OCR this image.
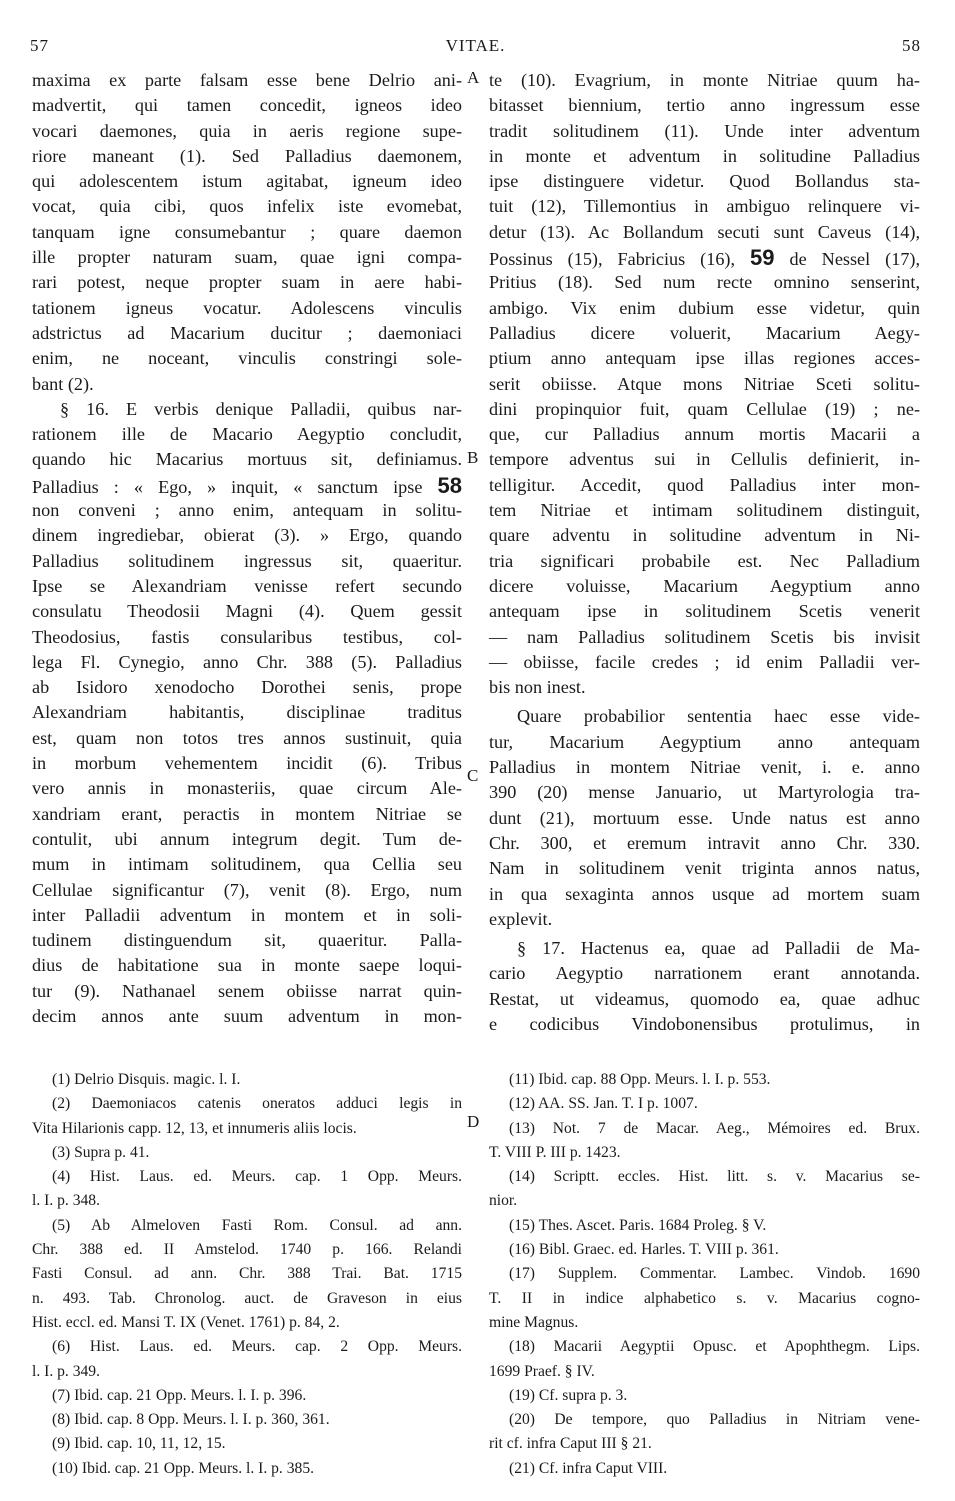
57	VITAE.	58
maxima ex parte falsam esse bene Delrio ani-
madvertit, qui tamen concedit, igneos ideo
vocari daemones, quia in aeris regione supe-
riore maneant (1). Sed Palladius daemonem,
qui adolescentem istum agitabat, igneum ideo
vocat, quia cibi, quos infelix iste evomebat,
tanquam igne consumebantur ; quare daemon
ille propter naturam suam, quae igni compa-
rari potest, neque propter suam in aere habi-
tationem igneus vocatur. Adolescens vinculis
adstrictus ad Macarium ducitur ; daemoniaci
enim, ne noceant, vinculis constringi sole-
bant (2).
§ 16. E verbis denique Palladii, quibus nar-
rationem ille de Macario Aegyptio concludit,
quando hic Macarius mortuus sit, definiamus.
Palladius : « Ego, » inquit, « sanctum ipse 58
non conveni ; anno enim, antequam in solitu-
dinem ingrediebar, obierat (3). » Ergo, quando
Palladius solitudinem ingressus sit, quaeritur.
Ipse se Alexandriam venisse refert secundo
consulatu Theodosii Magni (4). Quem gessit
Theodosius, fastis consularibus testibus, col-
lega Fl. Cynegio, anno Chr. 388 (5). Palladius
ab Isidoro xenodocho Dorothei senis, prope
Alexandriam habitantis, disciplinae traditus
est, quam non totos tres annos sustinuit, quia
in morbum vehementem incidit (6). Tribus
vero annis in monasteriis, quae circum Ale-
xandriam erant, peractis in montem Nitriae se
contulit, ubi annum integrum degit. Tum de-
mum in intimam solitudinem, qua Cellia seu
Cellulae significantur (7), venit (8). Ergo, num
inter Palladii adventum in montem et in soli-
tudinem distinguendum sit, quaeritur. Palla-
dius de habitatione sua in monte saepe loqui-
tur (9). Nathanael senem obiisse narrat quin-
decim annos ante suum adventum in mon-
A
B
C
D
te (10). Evagrium, in monte Nitriae quum ha-
bitasset biennium, tertio anno ingressum esse
tradit solitudinem (11). Unde inter adventum
in monte et adventum in solitudine Palladius
ipse distinguere videtur. Quod Bollandus sta-
tuit (12), Tillemontius in ambiguo relinquere vi-
detur (13). Ac Bollandum secuti sunt Caveus (14),
Possinus (15), Fabricius (16), 59 de Nessel (17),
Pritius (18). Sed num recte omnino senserint,
ambigo. Vix enim dubium esse videtur, quin
Palladius dicere voluerit, Macarium Aegy-
ptium anno antequam ipse illas regiones acces-
serit obiisse. Atque mons Nitriae Sceti solitu-
dini propinquior fuit, quam Cellulae (19) ; ne-
que, cur Palladius annum mortis Macarii a
tempore adventus sui in Cellulis definierit, in-
telligitur. Accedit, quod Palladius inter mon-
tem Nitriae et intimam solitudinem distinguit,
quare adventu in solitudine adventum in Ni-
tria significari probabile est. Nec Palladium
dicere voluisse, Macarium Aegyptium anno
antequam ipse in solitudinem Scetis venerit
— nam Palladius solitudinem Scetis bis invisit
— obiisse, facile credes ; id enim Palladii ver-
bis non inest.
Quare probabilior sententia haec esse vide-
tur, Macarium Aegyptium anno antequam
Palladius in montem Nitriae venit, i. e. anno
390 (20) mense Januario, ut Martyrologia tra-
dunt (21), mortuum esse. Unde natus est anno
Chr. 300, et eremum intravit anno Chr. 330.
Nam in solitudinem venit triginta annos natus,
in qua sexaginta annos usque ad mortem suam
explevit.
§ 17. Hactenus ea, quae ad Palladii de Ma-
cario Aegyptio narrationem erant annotanda.
Restat, ut videamus, quomodo ea, quae adhuc
e codicibus Vindobonensibus protulimus, in
(1) Delrio Disquis. magic. l. I.
(2) Daemoniacos catenis oneratos adduci legis in
Vita Hilarionis capp. 12, 13, et innumeris aliis locis.
(3) Supra p. 41.
(4) Hist. Laus. ed. Meurs. cap. 1 Opp. Meurs.
l. I. p. 348.
(5) Ab Almeloven Fasti Rom. Consul. ad ann.
Chr. 388 ed. II Amstelod. 1740 p. 166. Relandi
Fasti Consul. ad ann. Chr. 388 Trai. Bat. 1715
n. 493. Tab. Chronolog. auct. de Graveson in eius
Hist. eccl. ed. Mansi T. IX (Venet. 1761) p. 84, 2.
(6) Hist. Laus. ed. Meurs. cap. 2 Opp. Meurs.
l. I. p. 349.
(7) Ibid. cap. 21 Opp. Meurs. l. I. p. 396.
(8) Ibid. cap. 8 Opp. Meurs. l. I. p. 360, 361.
(9) Ibid. cap. 10, 11, 12, 15.
(10) Ibid. cap. 21 Opp. Meurs. l. I. p. 385.
(11) Ibid. cap. 88 Opp. Meurs. l. I. p. 553.
(12) AA. SS. Jan. T. I p. 1007.
(13) Not. 7 de Macar. Aeg., Mémoires ed. Brux.
T. VIII P. III p. 1423.
(14) Scriptt. eccles. Hist. litt. s. v. Macarius se-
nior.
(15) Thes. Ascet. Paris. 1684 Proleg. § V.
(16) Bibl. Graec. ed. Harles. T. VIII p. 361.
(17) Supplem. Commentar. Lambec. Vindob. 1690
T. II in indice alphabetico s. v. Macarius cogno-
mine Magnus.
(18) Macarii Aegyptii Opusc. et Apophthegm. Lips.
1699 Praef. § IV.
(19) Cf. supra p. 3.
(20) De tempore, quo Palladius in Nitriam vene-
rit cf. infra Caput III § 21.
(21) Cf. infra Caput VIII.
